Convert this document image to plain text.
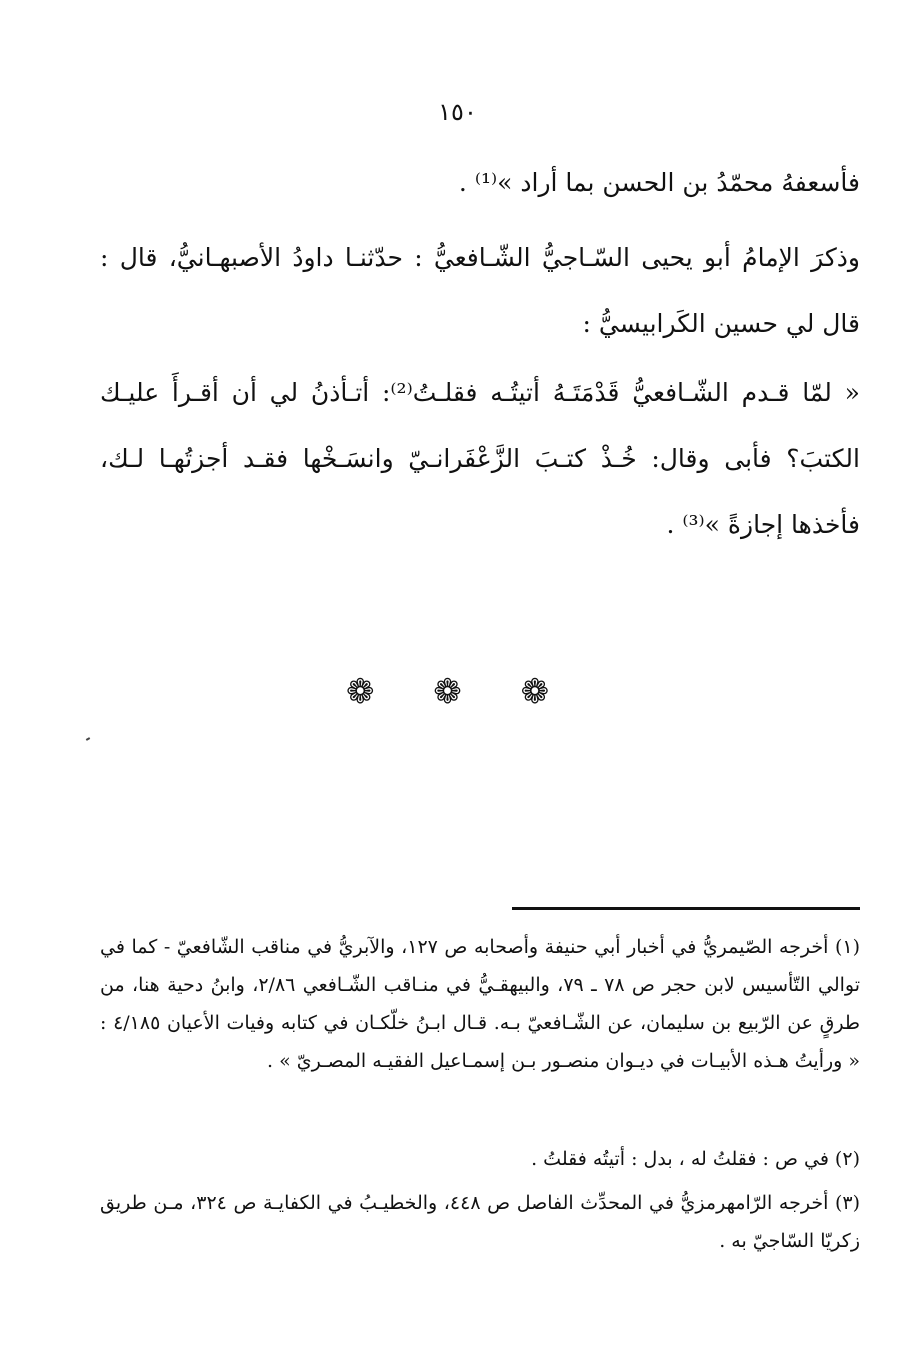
١٥٠

فأسعفهُ محمّدُ بن الحسن بما أراد »⁽¹⁾ .

وذكرَ الإمامُ أبو يحيى السّـاجيُّ الشّـافعيُّ : حدّثنـا داودُ الأصبهـانيُّ، قال : قال لي حسين الكَرابيسيُّ :

« لمّا قـدم الشّـافعيُّ قَدْمَتَـهُ أتيتُـه فقلـتُ⁽²⁾: أتـأذنُ لي أن أقـرأَ عليـك الكتبَ؟ فأبى وقال: خُـذْ كتـبَ الزَّعْفَرانـيّ وانسَـخْها فقـد أجزتُهـا لـك، فأخذها إجازةً »⁽³⁾ .

❁ ❁ ❁

(١) أخرجه الصّيمريُّ في أخبار أبي حنيفة وأصحابه ص ١٢٧، والآبريُّ في مناقب الشّافعيّ - كما في توالي التّأسيس لابن حجر ص ٧٨ ـ ٧٩، والبيهقـيُّ في منـاقب الشّـافعي ٢/٨٦، وابنُ دحية هنا، من طرقٍ عن الرّبيع بن سليمان، عن الشّـافعيّ بـه. قـال ابـنُ خلّكـان في كتابه وفيات الأعيان ٤/١٨٥ : « ورأيتُ هـذه الأبيـات في ديـوان منصـور بـن إسمـاعيل الفقيـه المصـريّ » .

(٢) في ص : فقلتُ له ، بدل : أتيتُه فقلتُ .

(٣) أخرجه الرّامهرمزيُّ في المحدِّث الفاصل ص ٤٤٨، والخطيـبُ في الكفايـة ص ٣٢٤، مـن طريق زكريّا السّاجيّ به .
